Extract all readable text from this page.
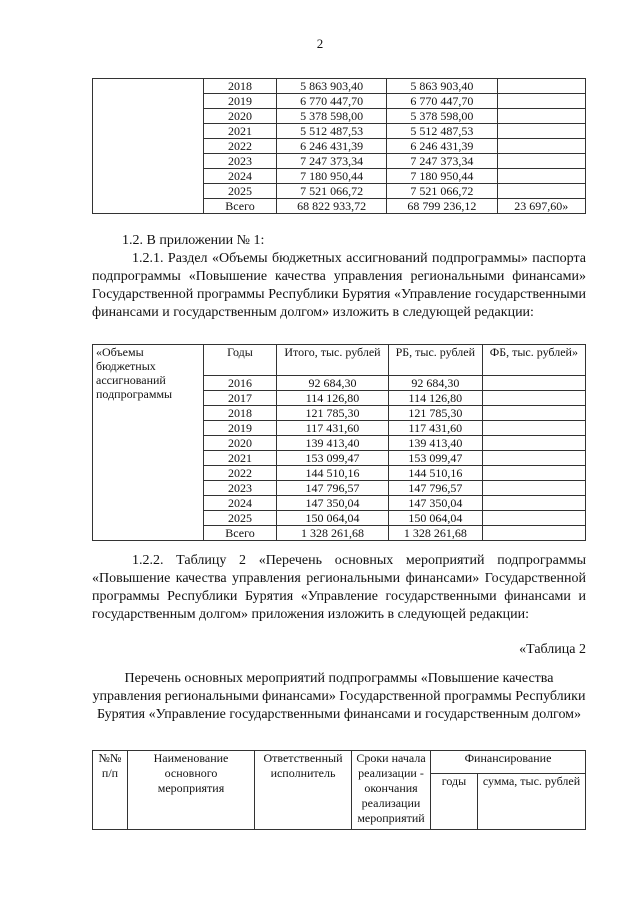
2
	2018	5 863 903,40	5 863 903,40	
	2019	6 770 447,70	6 770 447,70	
	2020	5 378 598,00	5 378 598,00	
	2021	5 512 487,53	5 512 487,53	
	2022	6 246 431,39	6 246 431,39	
	2023	7 247 373,34	7 247 373,34	
	2024	7 180 950,44	7 180 950,44	
	2025	7 521 066,72	7 521 066,72	
	Всего	68 822 933,72	68 799 236,12	23 697,60»
1.2. В приложении № 1:
1.2.1. Раздел «Объемы бюджетных ассигнований подпрограммы» паспорта подпрограммы «Повышение качества управления региональными финансами» Государственной программы Республики Бурятия «Управление государственными финансами и государственным долгом» изложить в следующей редакции:
«Объемы бюджетных ассигнований подпрограммы	Годы	Итого, тыс. рублей	РБ, тыс. рублей	ФБ, тыс. рублей»
	2016	92 684,30	92 684,30	
	2017	114 126,80	114 126,80	
	2018	121 785,30	121 785,30	
	2019	117 431,60	117 431,60	
	2020	139 413,40	139 413,40	
	2021	153 099,47	153 099,47	
	2022	144 510,16	144 510,16	
	2023	147 796,57	147 796,57	
	2024	147 350,04	147 350,04	
	2025	150 064,04	150 064,04	
	Всего	1 328 261,68	1 328 261,68	
1.2.2. Таблицу 2 «Перечень основных мероприятий подпрограммы «Повышение качества управления региональными финансами» Государственной программы Республики Бурятия «Управление государственными финансами и государственным долгом» приложения изложить в следующей редакции:
«Таблица 2
Перечень основных мероприятий подпрограммы «Повышение качества управления региональными финансами» Государственной программы Республики Бурятия «Управление государственными финансами и государственным долгом»
№№ п/п	Наименование основного мероприятия	Ответственный исполнитель	Сроки начала реализации - окончания реализации мероприятий	Финансирование	
				годы	сумма, тыс. рублей
